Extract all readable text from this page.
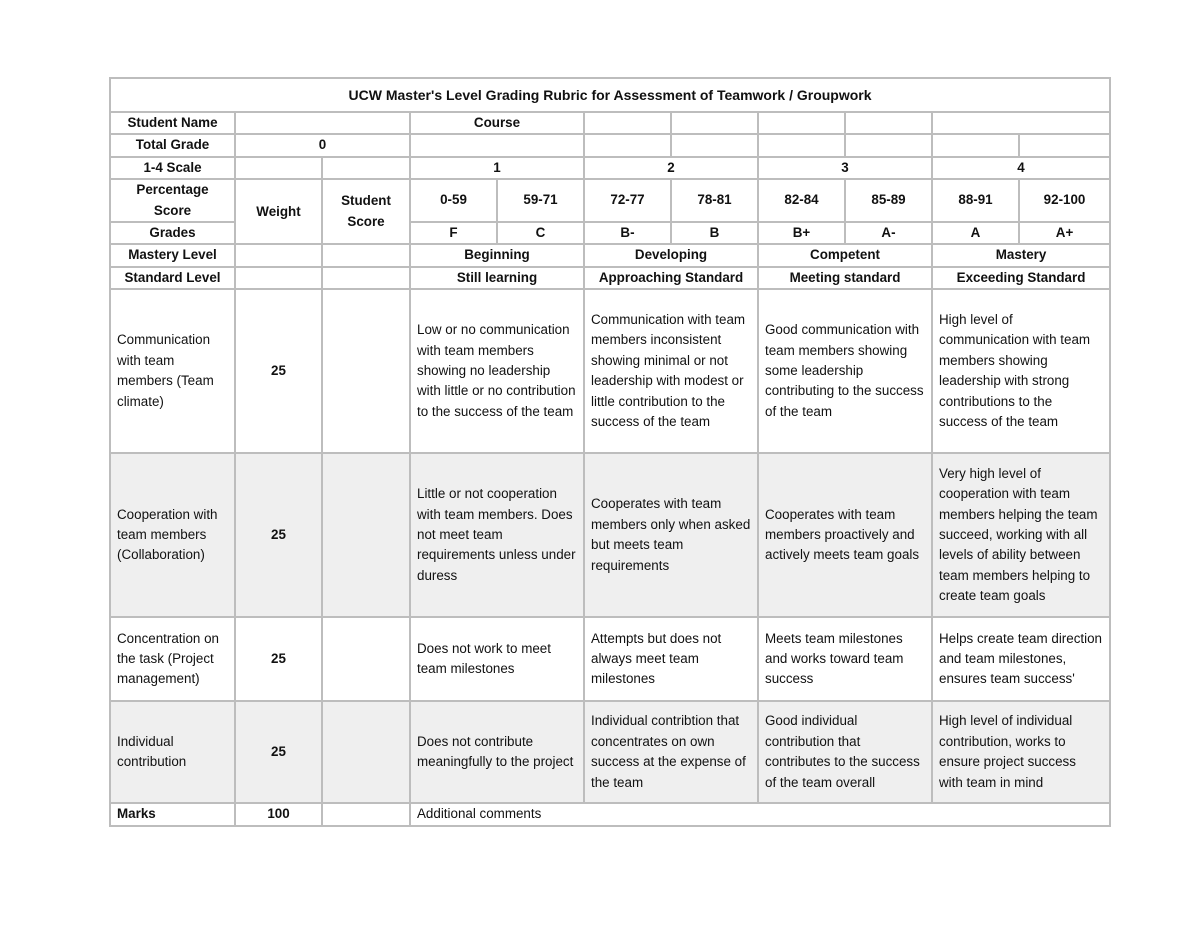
UCW Master's Level Grading Rubric for Assessment of Teamwork / Groupwork										
Student Name			Course							
Total Grade	0									
1-4 Scale			1		2		3		4	
Percentage Score	Weight	Student Score	0-59	59-71	72-77	78-81	82-84	85-89	88-91	92-100
Grades			F	C	B-	B	B+	A-	A	A+
Mastery Level			Beginning		Developing		Competent		Mastery	
Standard Level			Still learning		Approaching Standard		Meeting standard		Exceeding Standard	
Communication with team members (Team climate)	25		Low or no communication with team members showing no leadership with little or no contribution to the success of the team		Communication with team members inconsistent showing minimal or not leadership with modest or little contribution to the success of the team		Good communication with team members showing some leadership contributing to the success of the team		High level of communication with team members showing leadership with strong contributions to the success of the team	
Cooperation with team members (Collaboration)	25		Little or not cooperation with team members. Does not meet team requirements unless under duress		Cooperates with team members only when asked but meets team requirements		Cooperates with team members proactively and actively meets team goals		Very high level of cooperation with team members helping the team succeed, working with all levels of ability between team members helping to create team goals	
Concentration on the task (Project management)	25		Does not work to meet team milestones		Attempts but does not always meet team milestones		Meets team milestones and works toward team success		Helps create team direction and team milestones, ensures team success'	
Individual contribution	25		Does not contribute meaningfully to the project		Individual contribtion that concentrates on own success at the expense of the team		Good individual contribution that contributes to the success of the team overall		High level of individual contribution, works to ensure project success with team in mind	
Marks	100		Additional comments							
